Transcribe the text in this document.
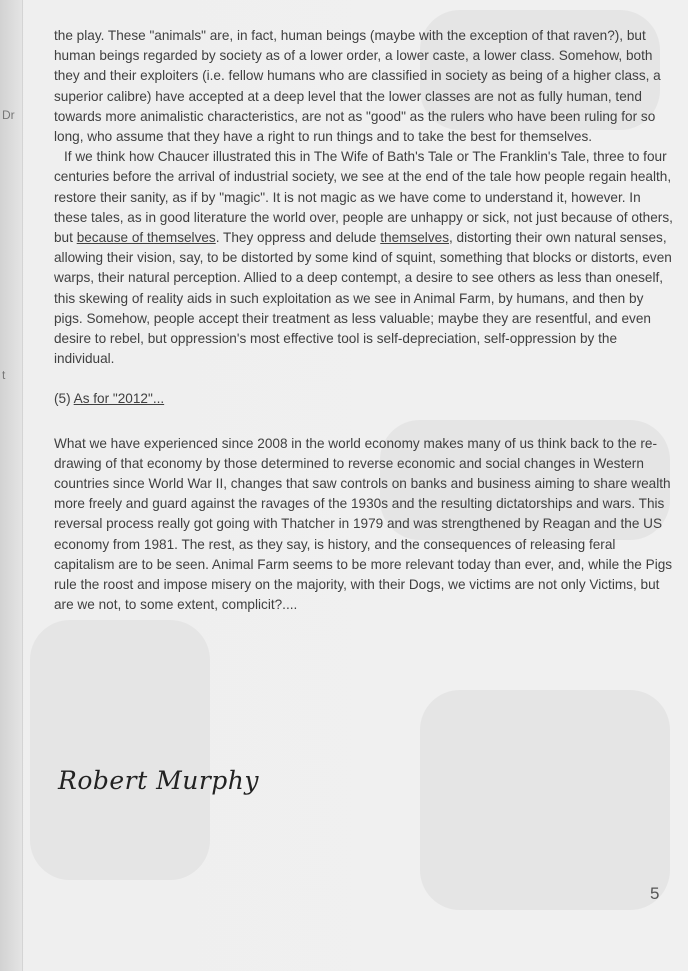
Dr
t

the play. These "animals" are, in fact, human beings (maybe with the exception of that raven?), but human beings regarded by society as of a lower order, a lower caste, a lower class. Somehow, both they and their exploiters (i.e. fellow humans who are classified in society as being of a higher class, a superior calibre) have accepted at a deep level that the lower classes are not as fully human, tend towards more animalistic characteristics, are not as "good" as the rulers who have been ruling for so long, who assume that they have a right to run things and to take the best for themselves.

If we think how Chaucer illustrated this in The Wife of Bath's Tale or The Franklin's Tale, three to four centuries before the arrival of industrial society, we see at the end of the tale how people regain health, restore their sanity, as if by "magic". It is not magic as we have come to understand it, however. In these tales, as in good literature the world over, people are unhappy or sick, not just because of others, but because of themselves. They oppress and delude themselves, distorting their own natural senses, allowing their vision, say, to be distorted by some kind of squint, something that blocks or distorts, even warps, their natural perception. Allied to a deep contempt, a desire to see others as less than oneself, this skewing of reality aids in such exploitation as we see in Animal Farm, by humans, and then by pigs. Somehow, people accept their treatment as less valuable; maybe they are resentful, and even desire to rebel, but oppression's most effective tool is self-depreciation, self-oppression by the individual.

(5) As for "2012"...

What we have experienced since 2008 in the world economy makes many of us think back to the re-drawing of that economy by those determined to reverse economic and social changes in Western countries since World War II, changes that saw controls on banks and business aiming to share wealth more freely and guard against the ravages of the 1930s and the resulting dictatorships and wars. This reversal process really got going with Thatcher in 1979 and was strengthened by Reagan and the US economy from 1981. The rest, as they say, is history, and the consequences of releasing feral capitalism are to be seen. Animal Farm seems to be more relevant today than ever, and, while the Pigs rule the roost and impose misery on the majority, with their Dogs, we victims are not only Victims, but are we not, to some extent, complicit?....

Robert Murphy
5
